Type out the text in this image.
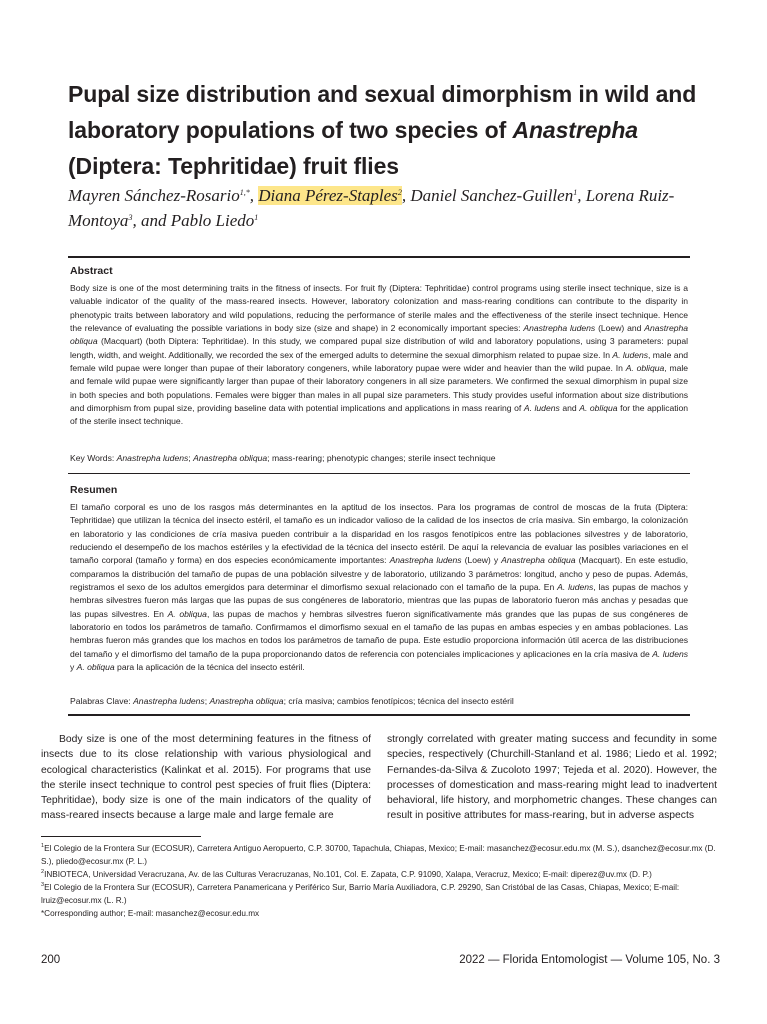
Pupal size distribution and sexual dimorphism in wild and laboratory populations of two species of Anastrepha (Diptera: Tephritidae) fruit flies
Mayren Sánchez-Rosario$^{1,*}$, Diana Pérez-Staples$^2$, Daniel Sanchez-Guillen$^1$, Lorena Ruiz-Montoya$^3$, and Pablo Liedo$^1$
Abstract
Body size is one of the most determining traits in the fitness of insects. For fruit fly (Diptera: Tephritidae) control programs using sterile insect technique, size is a valuable indicator of the quality of the mass-reared insects. However, laboratory colonization and mass-rearing conditions can contribute to the disparity in phenotypic traits between laboratory and wild populations, reducing the performance of sterile males and the effectiveness of the sterile insect technique. Hence the relevance of evaluating the possible variations in body size (size and shape) in 2 economically important species: Anastrepha ludens (Loew) and Anastrepha obliqua (Macquart) (both Diptera: Tephritidae). In this study, we compared pupal size distribution of wild and laboratory populations, using 3 parameters: pupal length, width, and weight. Additionally, we recorded the sex of the emerged adults to determine the sexual dimorphism related to pupae size. In A. ludens, male and female wild pupae were longer than pupae of their laboratory congeners, while laboratory pupae were wider and heavier than the wild pupae. In A. obliqua, male and female wild pupae were significantly larger than pupae of their laboratory congeners in all size parameters. We confirmed the sexual dimorphism in pupal size in both species and both populations. Females were bigger than males in all pupal size parameters. This study provides useful information about size distributions and dimorphism from pupal size, providing baseline data with potential implications and applications in mass rearing of A. ludens and A. obliqua for the application of the sterile insect technique.
Key Words: Anastrepha ludens; Anastrepha obliqua; mass-rearing; phenotypic changes; sterile insect technique
Resumen
El tamaño corporal es uno de los rasgos más determinantes en la aptitud de los insectos. Para los programas de control de moscas de la fruta (Diptera: Tephritidae) que utilizan la técnica del insecto estéril, el tamaño es un indicador valioso de la calidad de los insectos de cría masiva. Sin embargo, la colonización en laboratorio y las condiciones de cría masiva pueden contribuir a la disparidad en los rasgos fenotípicos entre las poblaciones silvestres y de laboratorio, reduciendo el desempeño de los machos estériles y la efectividad de la técnica del insecto estéril. De aquí la relevancia de evaluar las posibles variaciones en el tamaño corporal (tamaño y forma) en dos especies económicamente importantes: Anastrepha ludens (Loew) y Anastrepha obliqua (Macquart). En este estudio, comparamos la distribución del tamaño de pupas de una población silvestre y de laboratorio, utilizando 3 parámetros: longitud, ancho y peso de pupas. Además, registramos el sexo de los adultos emergidos para determinar el dimorfismo sexual relacionado con el tamaño de la pupa. En A. ludens, las pupas de machos y hembras silvestres fueron más largas que las pupas de sus congéneres de laboratorio, mientras que las pupas de laboratorio fueron más anchas y pesadas que las pupas silvestres. En A. obliqua, las pupas de machos y hembras silvestres fueron significativamente más grandes que las pupas de sus congéneres de laboratorio en todos los parámetros de tamaño. Confirmamos el dimorfismo sexual en el tamaño de las pupas en ambas especies y en ambas poblaciones. Las hembras fueron más grandes que los machos en todos los parámetros de tamaño de pupa. Este estudio proporciona información útil acerca de las distribuciones del tamaño y el dimorfismo del tamaño de la pupa proporcionando datos de referencia con potenciales implicaciones y aplicaciones en la cría masiva de A. ludens y A. obliqua para la aplicación de la técnica del insecto estéril.
Palabras Clave: Anastrepha ludens; Anastrepha obliqua; cría masiva; cambios fenotípicos; técnica del insecto estéril
Body size is one of the most determining features in the fitness of insects due to its close relationship with various physiological and ecological characteristics (Kalinkat et al. 2015). For programs that use the sterile insect technique to control pest species of fruit flies (Diptera: Tephritidae), body size is one of the main indicators of the quality of mass-reared insects because a large male and large female are
strongly correlated with greater mating success and fecundity in some species, respectively (Churchill-Stanland et al. 1986; Liedo et al. 1992; Fernandes-da-Silva & Zucoloto 1997; Tejeda et al. 2020). However, the processes of domestication and mass-rearing might lead to inadvertent behavioral, life history, and morphometric changes. These changes can result in positive attributes for mass-rearing, but in adverse aspects

$^1$El Colegio de la Frontera Sur (ECOSUR), Carretera Antiguo Aeropuerto, C.P. 30700, Tapachula, Chiapas, Mexico; E-mail: masanchez@ecosur.edu.mx (M. S.), dsanchez@ecosur.mx (D. S.), pliedo@ecosur.mx (P. L.)

$^2$INBIOTECA, Universidad Veracruzana, Av. de las Culturas Veracruzanas, No.101, Col. E. Zapata, C.P. 91090, Xalapa, Veracruz, Mexico; E-mail: diperez@uv.mx (D. P.)

$^3$El Colegio de la Frontera Sur (ECOSUR), Carretera Panamericana y Periférico Sur, Barrio María Auxiliadora, C.P. 29290, San Cristóbal de las Casas, Chiapas, Mexico; E-mail: lruiz@ecosur.mx (L. R.)

*Corresponding author; E-mail: masanchez@ecosur.edu.mx

200	2022 — Florida Entomologist — Volume 105, No. 3
